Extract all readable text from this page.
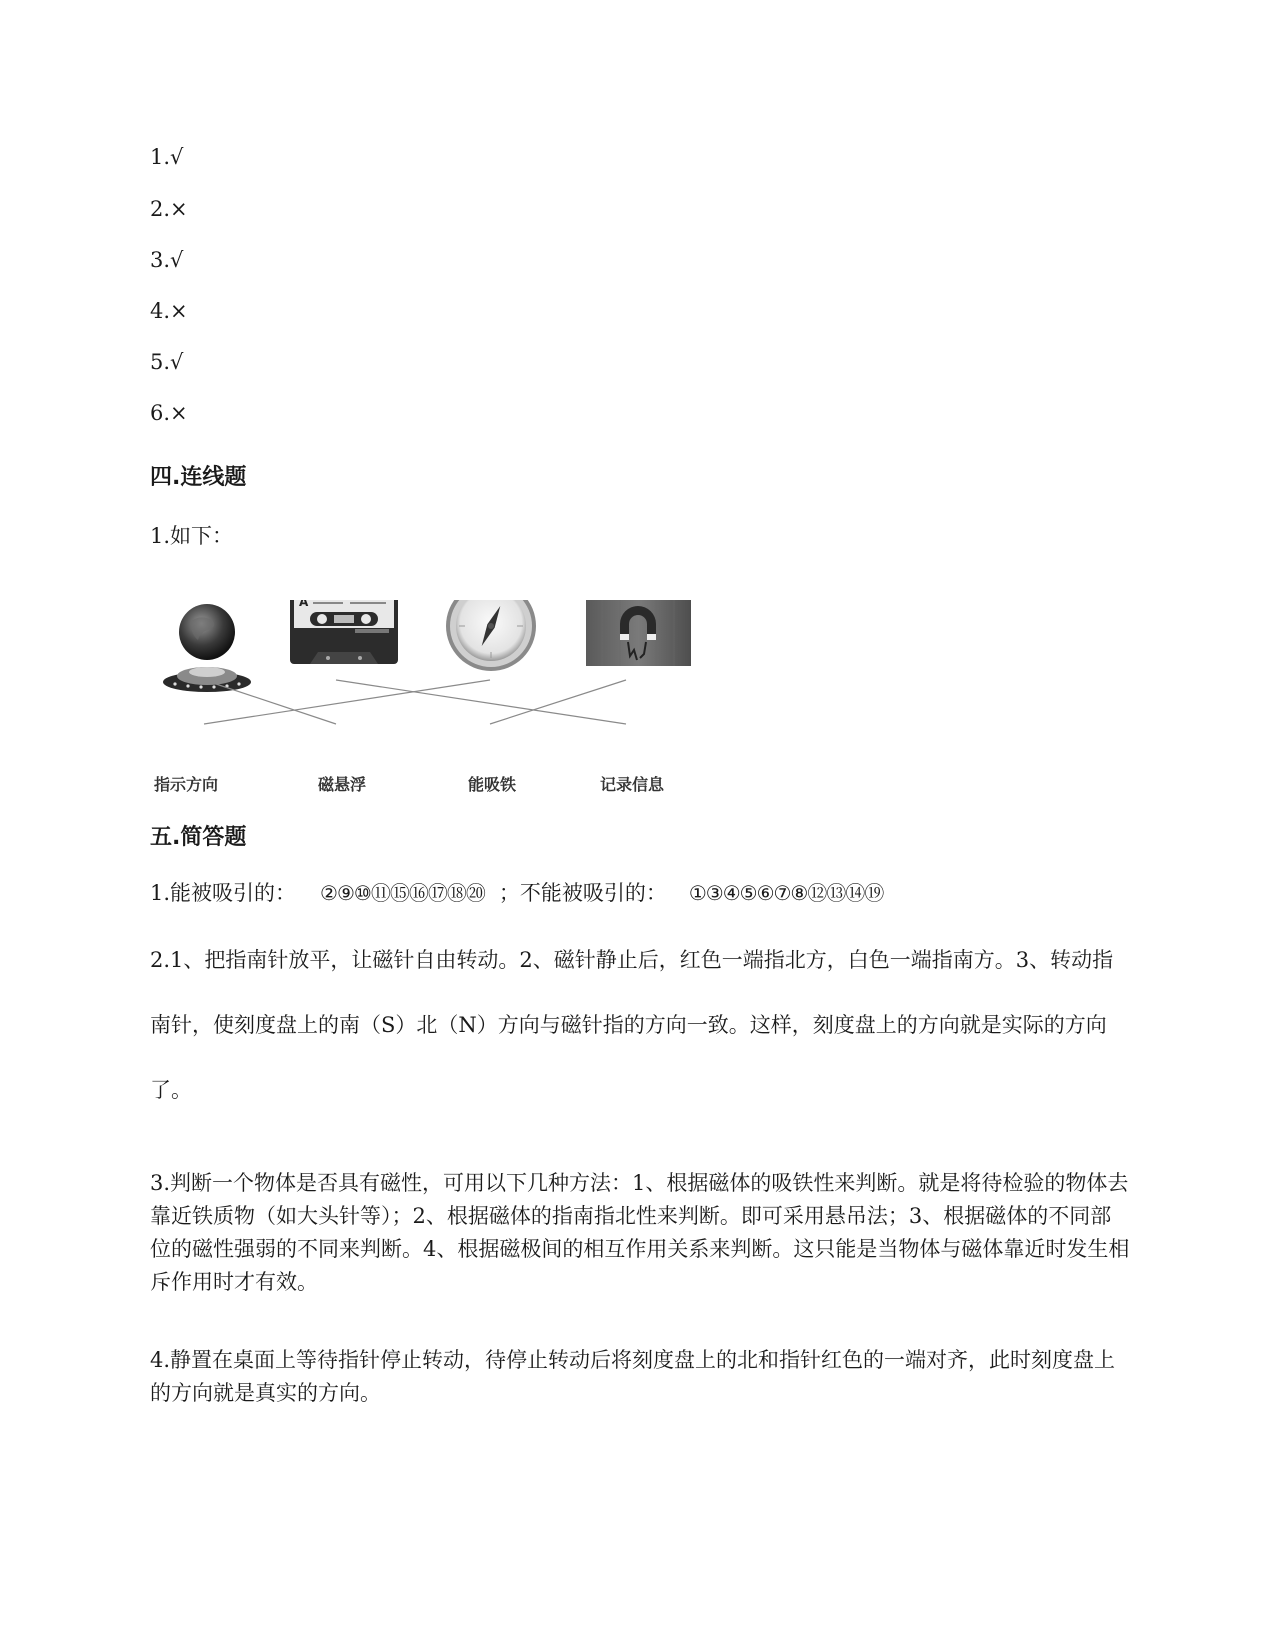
1.√
2.×
3.√
4.×
5.√
6.×
四.连线题
1.如下：
A
指示方向	磁悬浮	能吸铁	记录信息
五.简答题
1.能被吸引的： ②⑨⑩⑪⑮⑯⑰⑱⑳ ；不能被吸引的： ①③④⑤⑥⑦⑧⑫⑬⑭⑲
2.1、把指南针放平，让磁针自由转动。2、磁针静止后，红色一端指北方，白色一端指南方。3、转动指南针，使刻度盘上的南（S）北（N）方向与磁针指的方向一致。这样，刻度盘上的方向就是实际的方向了。
3.判断一个物体是否具有磁性，可用以下几种方法：1、根据磁体的吸铁性来判断。就是将待检验的物体去靠近铁质物（如大头针等）；2、根据磁体的指南指北性来判断。即可采用悬吊法；3、根据磁体的不同部位的磁性强弱的不同来判断。4、根据磁极间的相互作用关系来判断。这只能是当物体与磁体靠近时发生相斥作用时才有效。
4.静置在桌面上等待指针停止转动，待停止转动后将刻度盘上的北和指针红色的一端对齐，此时刻度盘上的方向就是真实的方向。
